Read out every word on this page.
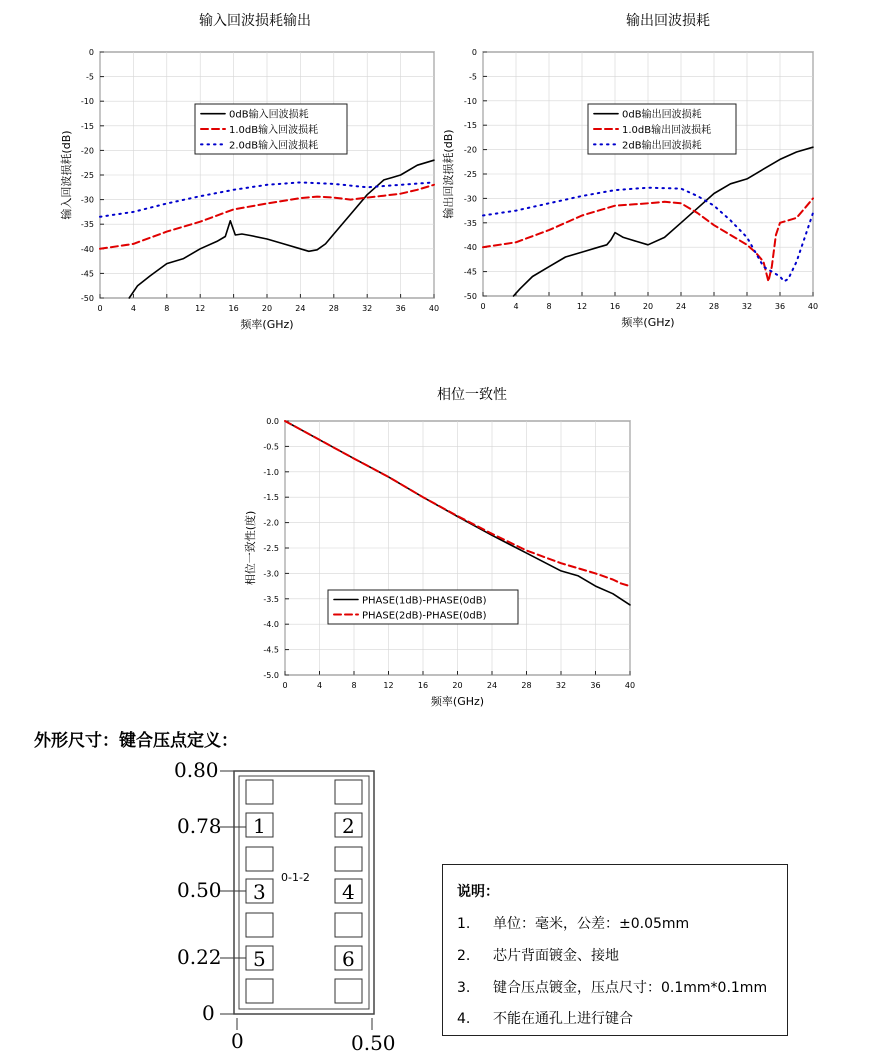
输入回波损耗输出	输出回波损耗
相位一致性
0	4	8	12	16	20	24	28	32	36	40
0
-5
-10
-15
-20
-25
-30
-35
-40
-45
-50
频率(GHz)
输入回波损耗(dB)
0dB输入回波损耗
1.0dB输入回波损耗
2.0dB输入回波损耗
0	4	8	12	16	20	24	28	32	36	40
0
-5
-10
-15
-20
-25
-30
-35
-40
-45
-50
频率(GHz)
输出回波损耗(dB)
0dB输出回波损耗
1.0dB输出回波损耗
2dB输出回波损耗
0	4	8	12	16	20	24	28	32	36	40
0.0
-0.5
-1.0
-1.5
-2.0
-2.5
-3.0
-3.5
-4.0
-4.5
-5.0
频率(GHz)
相位一致性(度)
PHASE(1dB)-PHASE(0dB)
PHASE(2dB)-PHASE(0dB)
外形尺寸：键合压点定义：
0.80
0.78
0.50
0.22
0
1	2
3	4
5	6
0-1-2
0	0.50
说明：
1. 单位：毫米，公差：±0.05mm
2. 芯片背面镀金、接地
3. 键合压点镀金，压点尺寸：0.1mm*0.1mm
4. 不能在通孔上进行键合
